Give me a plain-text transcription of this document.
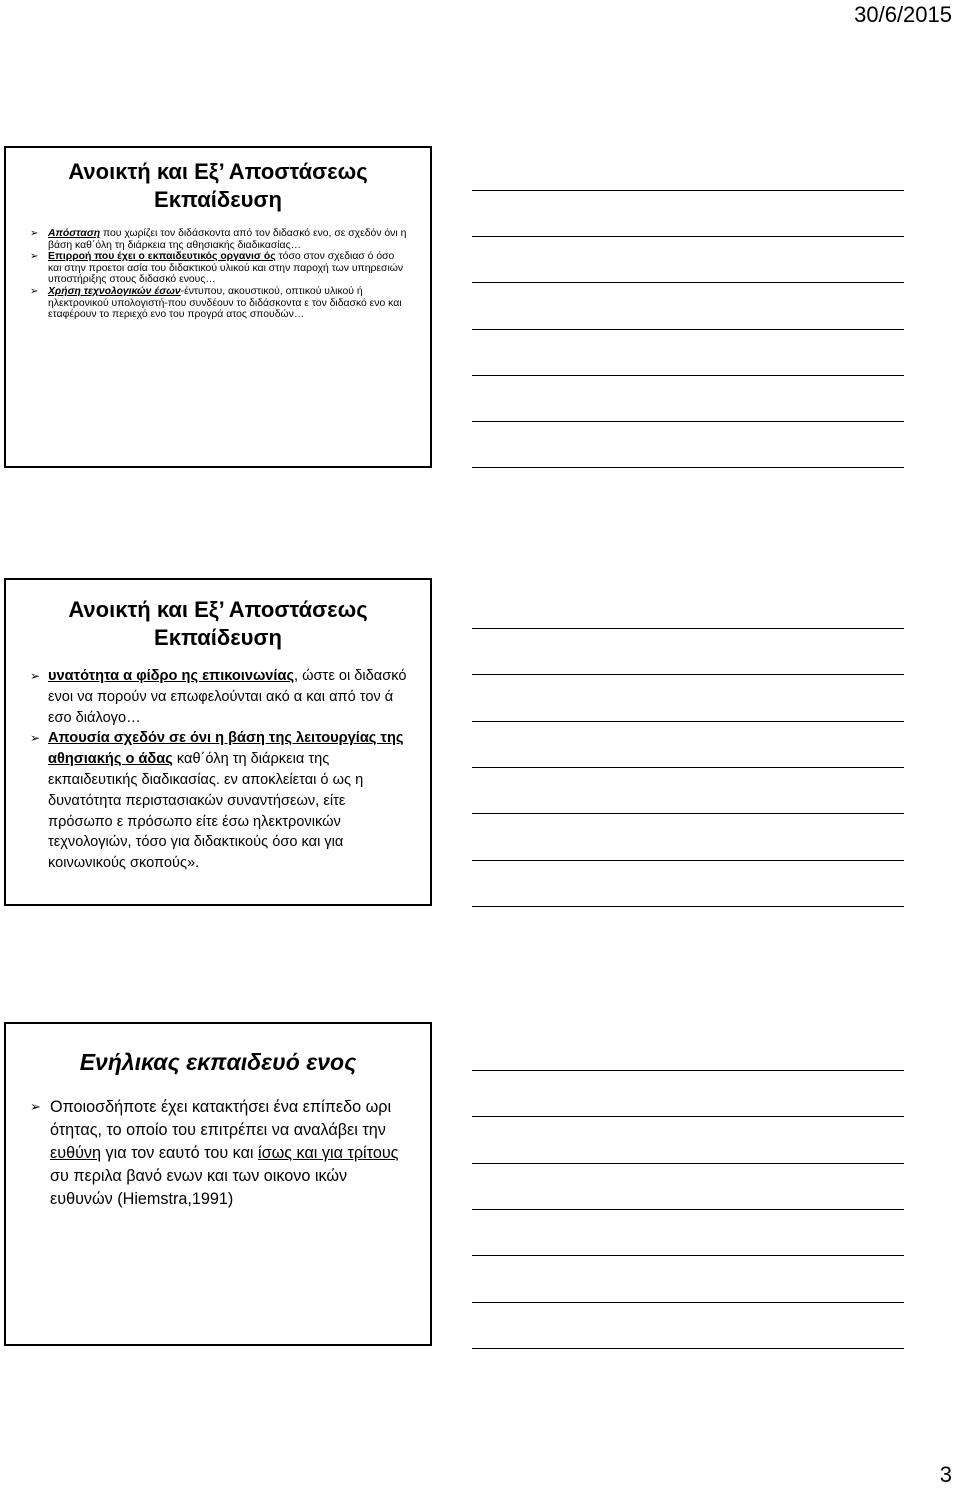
30/6/2015
Ανοικτή και Εξ’ Αποστάσεως
Εκπαίδευση
➢ Απόσταση που χωρίζει τον διδάσκοντα από τον διδασκό ενο, σε σχεδόν όνι η βάση καθ΄όλη τη διάρκεια της αθησιακής διαδικασίας…
➢ Επιρροή που έχει ο εκπαιδευτικός οργανισ ός τόσο στον σχεδιασ ό όσο και στην προετοι ασία του διδακτικού υλικού και στην παροχή των υπηρεσιών υποστήριξης στους διδασκό ενους…
➢ Χρήση τεχνολογικών έσων-έντυπου, ακουστικού, οπτικού υλικού ή ηλεκτρονικού υπολογιστή-που συνδέουν το διδάσκοντα ε τον διδασκό ενο και εταφέρουν το περιεχό ενο του προγρά ατος σπουδών…
Ανοικτή και Εξ’ Αποστάσεως
Εκπαίδευση
➢ υνατότητα α φίδρο ης επικοινωνίας, ώστε οι διδασκό ενοι να πορούν να επωφελούνται ακό α και από τον ά εσο διάλογο…
➢ Απουσία σχεδόν σε όνι η βάση της λειτουργίας της αθησιακής ο άδας καθ΄όλη τη διάρκεια της εκπαιδευτικής διαδικασίας. εν αποκλείεται ό ως η δυνατότητα περιστασιακών συναντήσεων, είτε πρόσωπο ε πρόσωπο είτε έσω ηλεκτρονικών τεχνολογιών, τόσο για διδακτικούς όσο και για κοινωνικούς σκοπούς».
Ενήλικας εκπαιδευό ενος
➢ Οποιοσδήποτε έχει κατακτήσει ένα επίπεδο ωρι ότητας, το οποίο του επιτρέπει να αναλάβει την ευθύνη για τον εαυτό του και ίσως και για τρίτους συ περιλα βανό ενων και των οικονο ικών ευθυνών (Hiemstra,1991)
3
